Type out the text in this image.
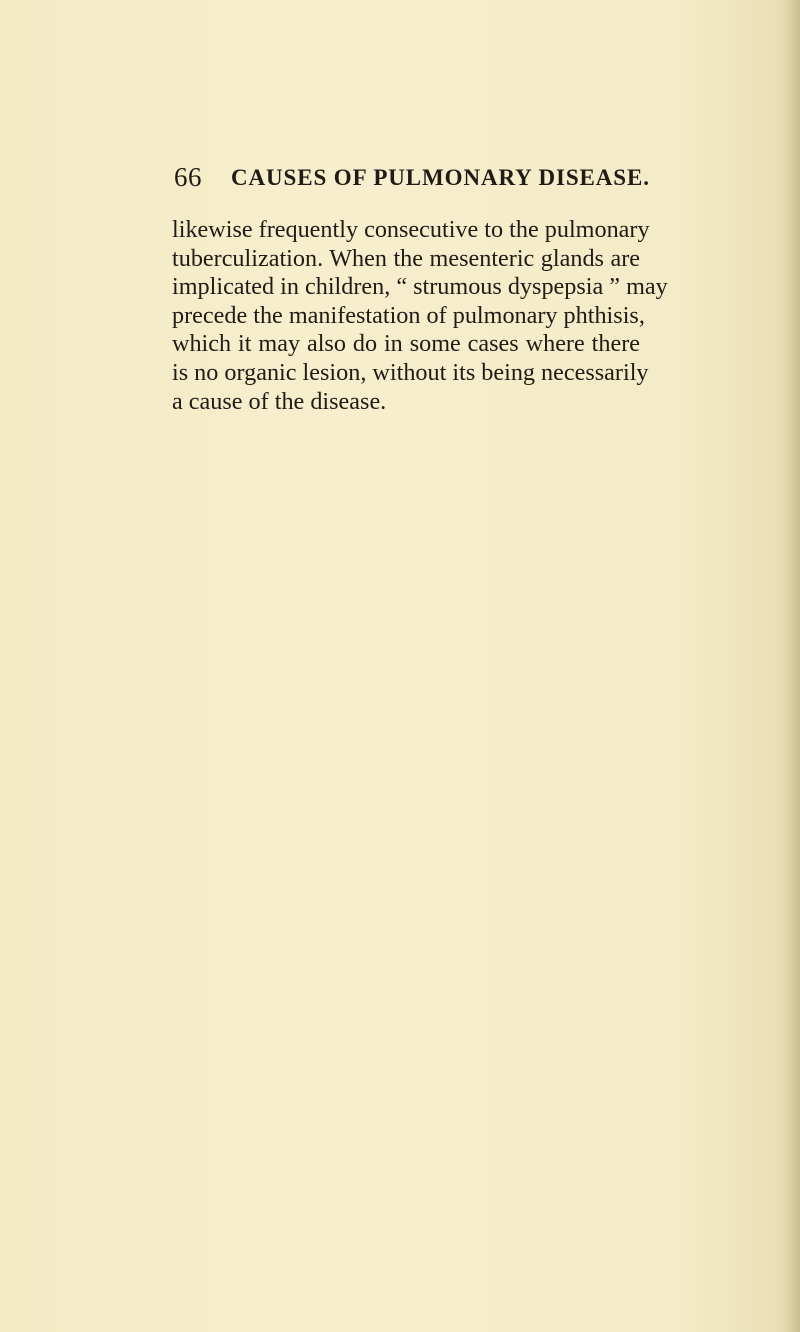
66 CAUSES OF PULMONARY DISEASE.
likewise frequently consecutive to the pulmonary
tuberculization. When the mesenteric glands are
implicated in children, “ strumous dyspepsia ” may
precede the manifestation of pulmonary phthisis,
which it may also do in some cases where there
is no organic lesion, without its being necessarily
a cause of the disease.
